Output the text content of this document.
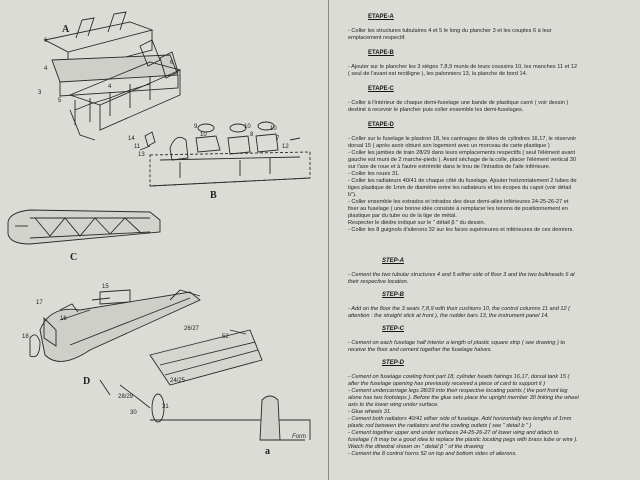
A
B
C
D
a
Form
6
4
3
5
4
6
14
11
13
9
10
10
8
10
7
12
15
17
18
16
26/27
52
28/29
24/25
31
30
ETAPE-A
- Coller les structures tubulaires 4 et 5 le long du plancher 3 et les couples 6 à leur
emplacement respectif.
ETAPE-B
- Ajouter sur le plancher les 3 sièges 7,8,9 munis de leurs coussins 10, les manches 11 et 12
( seul de l'avant est rectiligne ), les palonniers 13, la planche de bord 14.
ETAPE-C
- Coller à l'intérieur de chaque demi-fuselage une bande de plastique carré ( voir dessin )
destiné à recevoir le plancher puis coller ensemble les demi-fuselages.
ETAPE-D
- Coller sur le fuselage le plastron 18, les carénages de têtes de cylindres 16,17, le réservoir
dorsal 15 ( après avoir obturé son logement avec un morceau de carte plastique )
- Coller les jambes de train 28/29 dans leurs emplacements respectifs ( seul l'élément avant
gauche est muni de 2 marche-pieds ). Avant séchage de la colle, placer l'élément vertical 30
sur l'axe de roue et à l'autre extrémité dans le trou de l'intrados de l'aile inférieure.
- Coller les roues 31.
- Coller les radiateurs 40/41 de chaque côté du fuselage. Ajouter horizontalement 2 tubes de
tiges plastique de 1mm de diamètre entre les radiateurs et les écopes du capot (voir détail
b").
- Coller ensemble les extrados et intrados des deux demi-ailes inférieures 24-25-26-27 et
fixer au fuselage ( une bonne idée consiste à remplacer les tenons de positionnement en
plastique par du tube ou de la tige de métal.
Respecter le dièdre indiqué sur le " détail β " du dessin.
- Coller les 8 guignols d'ailerons 32 sur les faces supérieures et inférieures de ces derniers.
STEP-A
- Cement the two tubular structures 4 and 5 either side of floor 3 and the two bulkheads 6 at
their respective location.
STEP-B
- Add on the floor the 3 seats 7,8,9 with their cushions 10, the control columns 11 and 12 (
attention : the straight stick at front ), the rudder bars 13, the instrument panel 14.
STEP-C
- Cement on each fuselage half interior a length of plastic square strip ( see drawing ) to
receive the floor and cement together the fuselage halves.
STEP-D
- Cement on fuselage cowling front part 18, cylinder heads fairings 16,17, dorsal tank 15 (
after the fuselage opening has previously received a piece of card to support it )
- Cement undercarriage legs 28/29 into their respective locating points ( the port front leg
alone has two footsteps ). Before the glue sets place the upright member 30 linking the wheel
axis to the lower wing under surface.
- Glue wheels 31.
- Cement both radiators 40/41 either side of fuselage. Add horizontally two lengths of 1mm
plastic rod between the radiators and the cowling outlets ( see " detail b " )
- Cement together upper and under surfaces 24-25-26-27 of lower wing and attach to
fuselage ( It may be a good idea to replace the plastic locating pegs with brass tube or wire ).
Watch the dihedral shown on " detail β " of the drawing
- Cement the 8 control horns 52 on top and bottom sides of ailerons.
